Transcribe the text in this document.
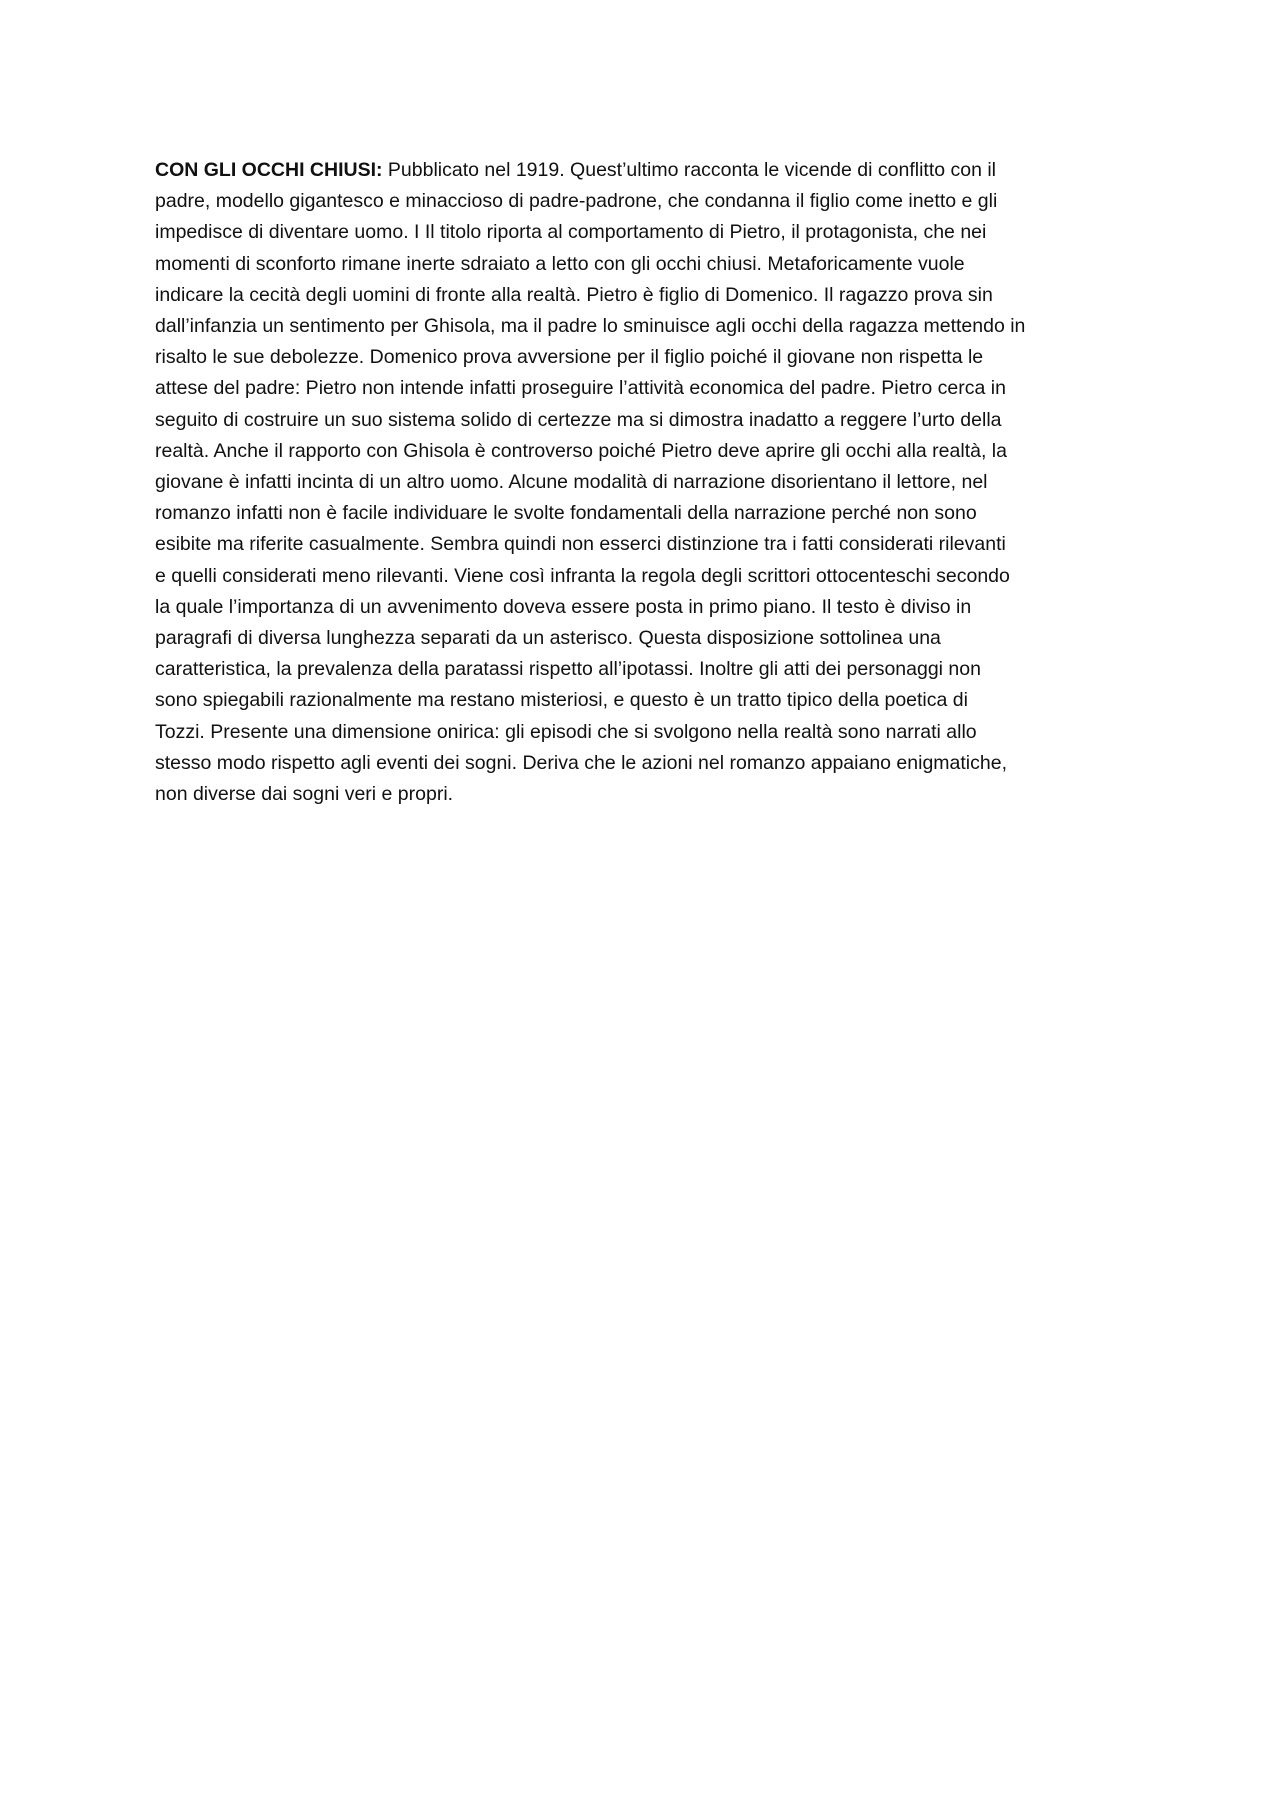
CON GLI OCCHI CHIUSI: Pubblicato nel 1919. Quest’ultimo racconta le vicende di conflitto con il
padre, modello gigantesco e minaccioso di padre-padrone, che condanna il figlio come inetto e gli
impedisce di diventare uomo. I Il titolo riporta al comportamento di Pietro, il protagonista, che nei
momenti di sconforto rimane inerte sdraiato a letto con gli occhi chiusi. Metaforicamente vuole
indicare la cecità degli uomini di fronte alla realtà. Pietro è figlio di Domenico. Il ragazzo prova sin
dall’infanzia un sentimento per Ghisola, ma il padre lo sminuisce agli occhi della ragazza mettendo in
risalto le sue debolezze. Domenico prova avversione per il figlio poiché il giovane non rispetta le
attese del padre: Pietro non intende infatti proseguire l’attività economica del padre. Pietro cerca in
seguito di costruire un suo sistema solido di certezze ma si dimostra inadatto a reggere l’urto della
realtà. Anche il rapporto con Ghisola è controverso poiché Pietro deve aprire gli occhi alla realtà, la
giovane è infatti incinta di un altro uomo. Alcune modalità di narrazione disorientano il lettore, nel
romanzo infatti non è facile individuare le svolte fondamentali della narrazione perché non sono
esibite ma riferite casualmente. Sembra quindi non esserci distinzione tra i fatti considerati rilevanti
e quelli considerati meno rilevanti. Viene così infranta la regola degli scrittori ottocenteschi secondo
la quale l’importanza di un avvenimento doveva essere posta in primo piano. Il testo è diviso in
paragrafi di diversa lunghezza separati da un asterisco. Questa disposizione sottolinea una
caratteristica, la prevalenza della paratassi rispetto all’ipotassi. Inoltre gli atti dei personaggi non
sono spiegabili razionalmente ma restano misteriosi, e questo è un tratto tipico della poetica di
Tozzi. Presente una dimensione onirica: gli episodi che si svolgono nella realtà sono narrati allo
stesso modo rispetto agli eventi dei sogni. Deriva che le azioni nel romanzo appaiano enigmatiche,
non diverse dai sogni veri e propri.
